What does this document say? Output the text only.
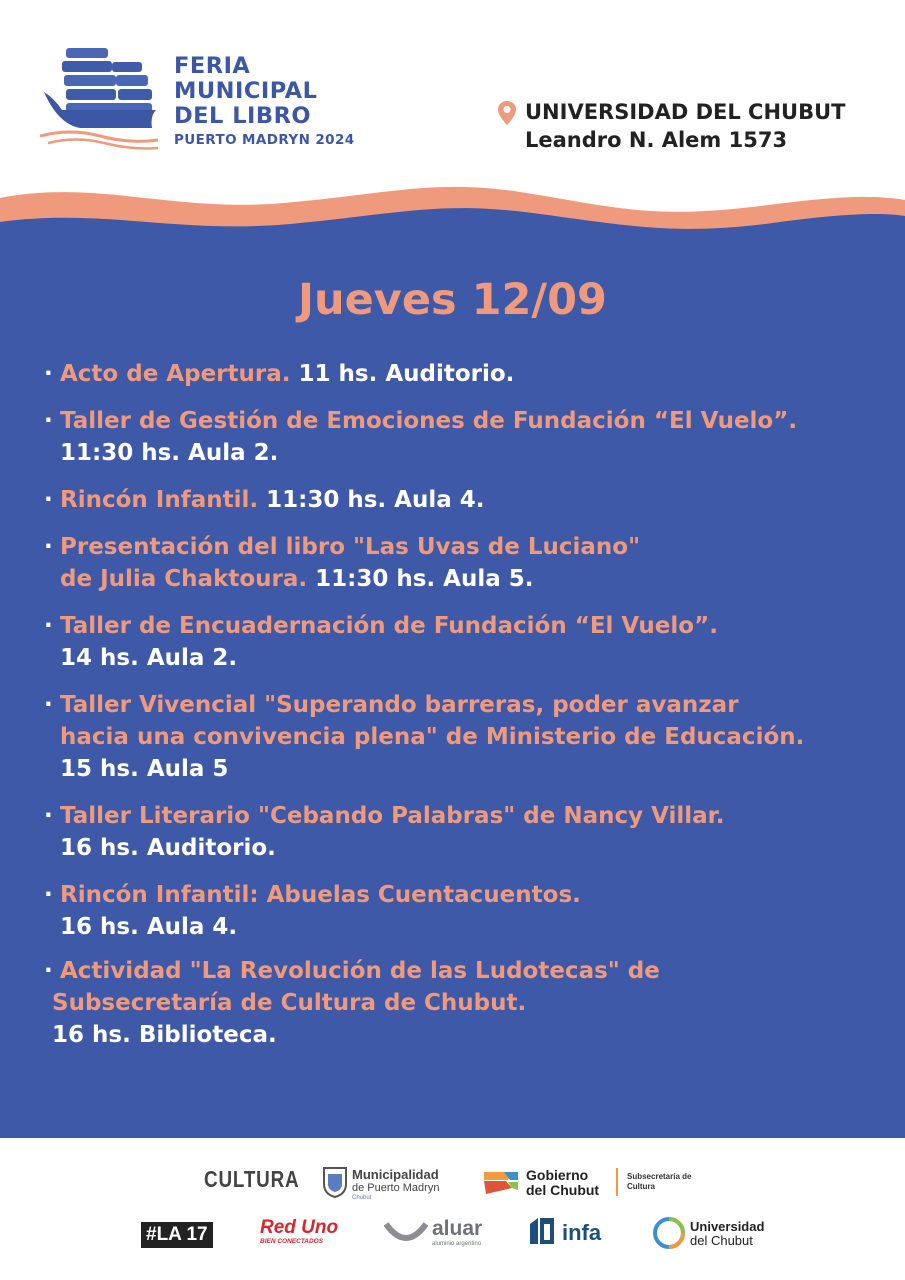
FERIA
MUNICIPAL
DEL LIBRO
PUERTO MADRYN 2024
UNIVERSIDAD DEL CHUBUT
Leandro N. Alem 1573
Jueves 12/09
· Acto de Apertura. 11 hs. Auditorio.
· Taller de Gestión de Emociones de Fundación “El Vuelo”.
11:30 hs. Aula 2.
· Rincón Infantil. 11:30 hs. Aula 4.
· Presentación del libro "Las Uvas de Luciano"
de Julia Chaktoura. 11:30 hs. Aula 5.
· Taller de Encuadernación de Fundación “El Vuelo”.
14 hs. Aula 2.
· Taller Vivencial "Superando barreras, poder avanzar
hacia una convivencia plena" de Ministerio de Educación.
15 hs. Aula 5
· Taller Literario "Cebando Palabras" de Nancy Villar.
16 hs. Auditorio.
· Rincón Infantil: Abuelas Cuentacuentos.
16 hs. Aula 4.
· Actividad "La Revolución de las Ludotecas" de
Subsecretaría de Cultura de Chubut.
16 hs. Biblioteca.
CULTURA	Municipalidad
de Puerto Madryn
Chubut
Gobierno
del Chubut
Subsecretaría de
Cultura
#LA 17	Red Uno
BIEN CONECTADOS
aluar
aluminio argentino	infa	Universidad
del Chubut
